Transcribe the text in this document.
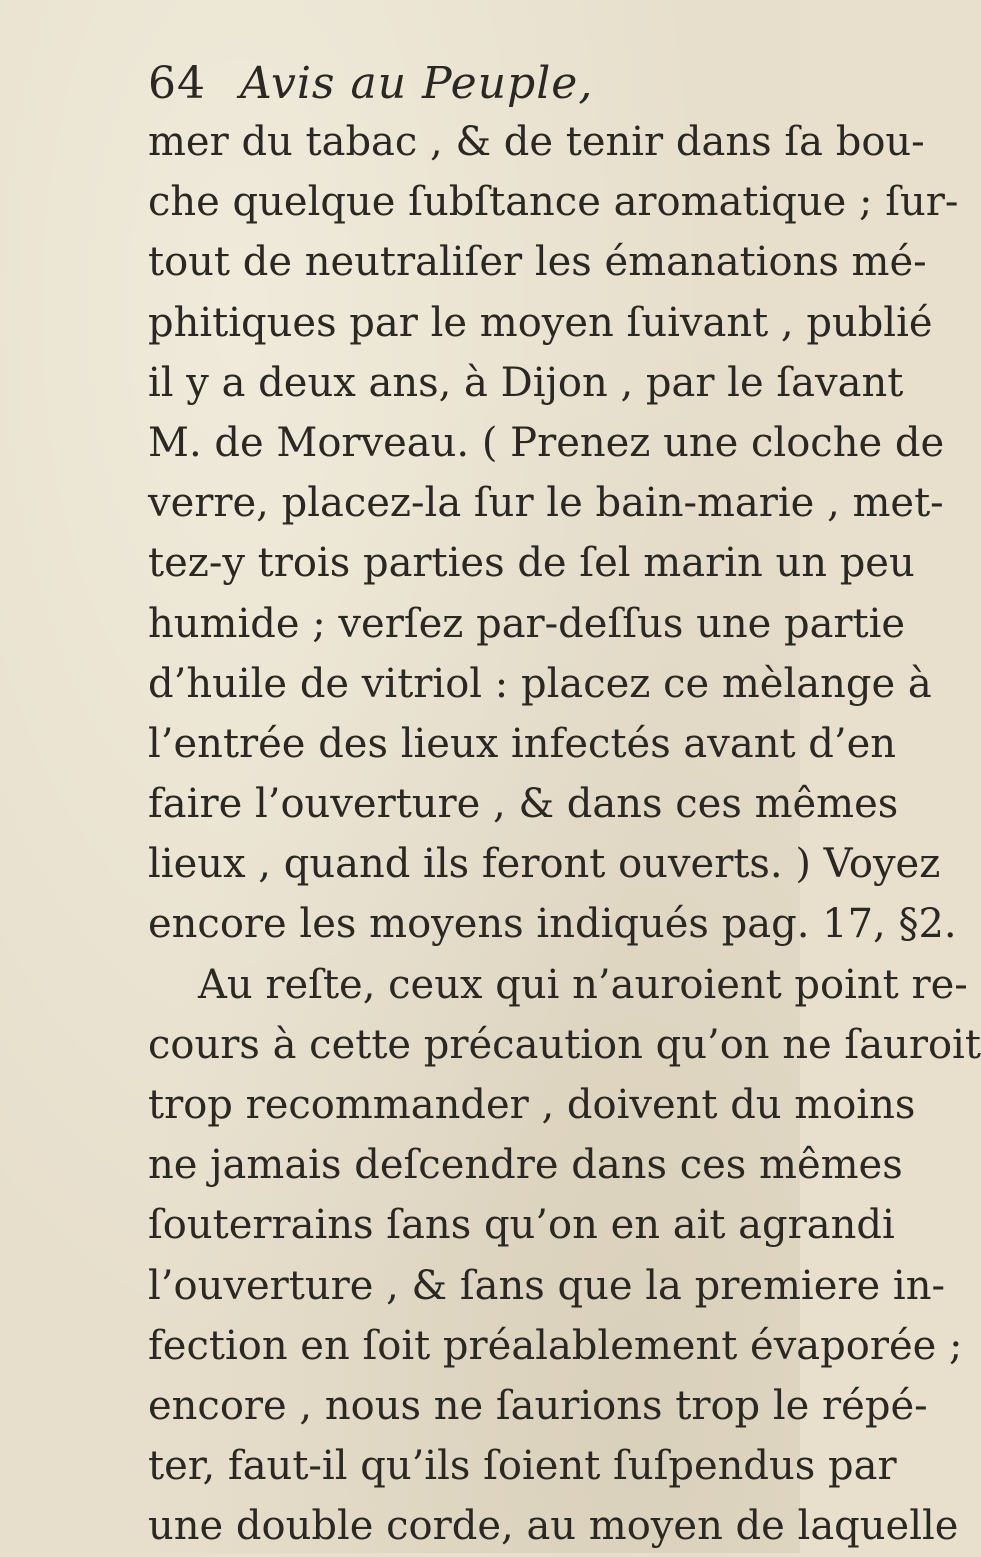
64 Avis au Peuple,
mer du tabac , & de tenir dans ſa bou-
che quelque ſubſtance aromatique ; ſur-
tout de neutraliſer les émanations mé-
phitiques par le moyen ſuivant , publié
il y a deux ans, à Dijon , par le ſavant
M. de Morveau. ( Prenez une cloche de
verre, placez-la ſur le bain-marie , met-
tez-y trois parties de ſel marin un peu
humide ; verſez par-deſſus une partie
d’huile de vitriol : placez ce mèlange à
l’entrée des lieux infectés avant d’en
faire l’ouverture , & dans ces mêmes
lieux , quand ils feront ouverts. ) Voyez
encore les moyens indiqués pag. 17, §2.
Au reſte, ceux qui n’auroient point re-
cours à cette précaution qu’on ne ſauroit
trop recommander , doivent du moins
ne jamais deſcendre dans ces mêmes
ſouterrains ſans qu’on en ait agrandi
l’ouverture , & ſans que la premiere in-
fection en ſoit préalablement évaporée ;
encore , nous ne ſaurions trop le répé-
ter, faut-il qu’ils ſoient ſuſpendus par
une double corde, au moyen de laquelle
